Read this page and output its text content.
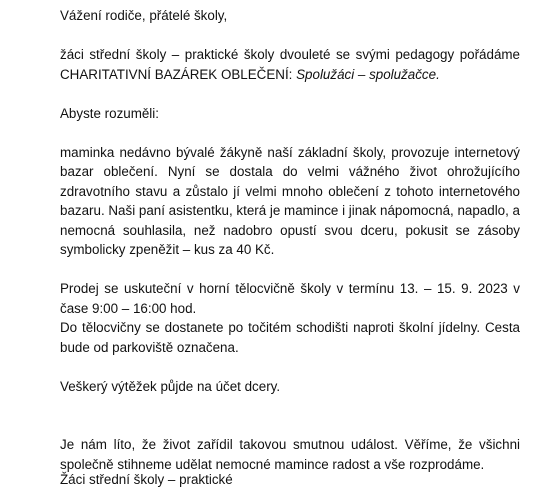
Vážení rodiče, přátelé školy,

žáci střední školy – praktické školy dvouleté se svými pedagogy pořádáme CHARITATIVNÍ BAZÁREK OBLEČENÍ: Spolužáci – spolužačce.

Abyste rozuměli:

maminka nedávno bývalé žákyně naší základní školy, provozuje internetový bazar oblečení. Nyní se dostala do velmi vážného život ohrožujícího zdravotního stavu a zůstalo jí velmi mnoho oblečení z tohoto internetového bazaru. Naši paní asistentku, která je mamince i jinak nápomocná, napadlo, a nemocná souhlasila, než nadobro opustí svou dceru, pokusit se zásoby symbolicky zpeněžit – kus za 40 Kč.

Prodej se uskuteční v horní tělocvičně školy v termínu 13. – 15. 9. 2023 v čase 9:00 – 16:00 hod.

Do tělocvičny se dostanete po točitém schodišti naproti školní jídelny. Cesta bude od parkoviště označena.

Veškerý výtěžek půjde na účet dcery.

Je nám líto, že život zařídil takovou smutnou událost. Věříme, že všichni společně stihneme udělat nemocné mamince radost a vše rozprodáme.

Žáci střední školy – praktické
